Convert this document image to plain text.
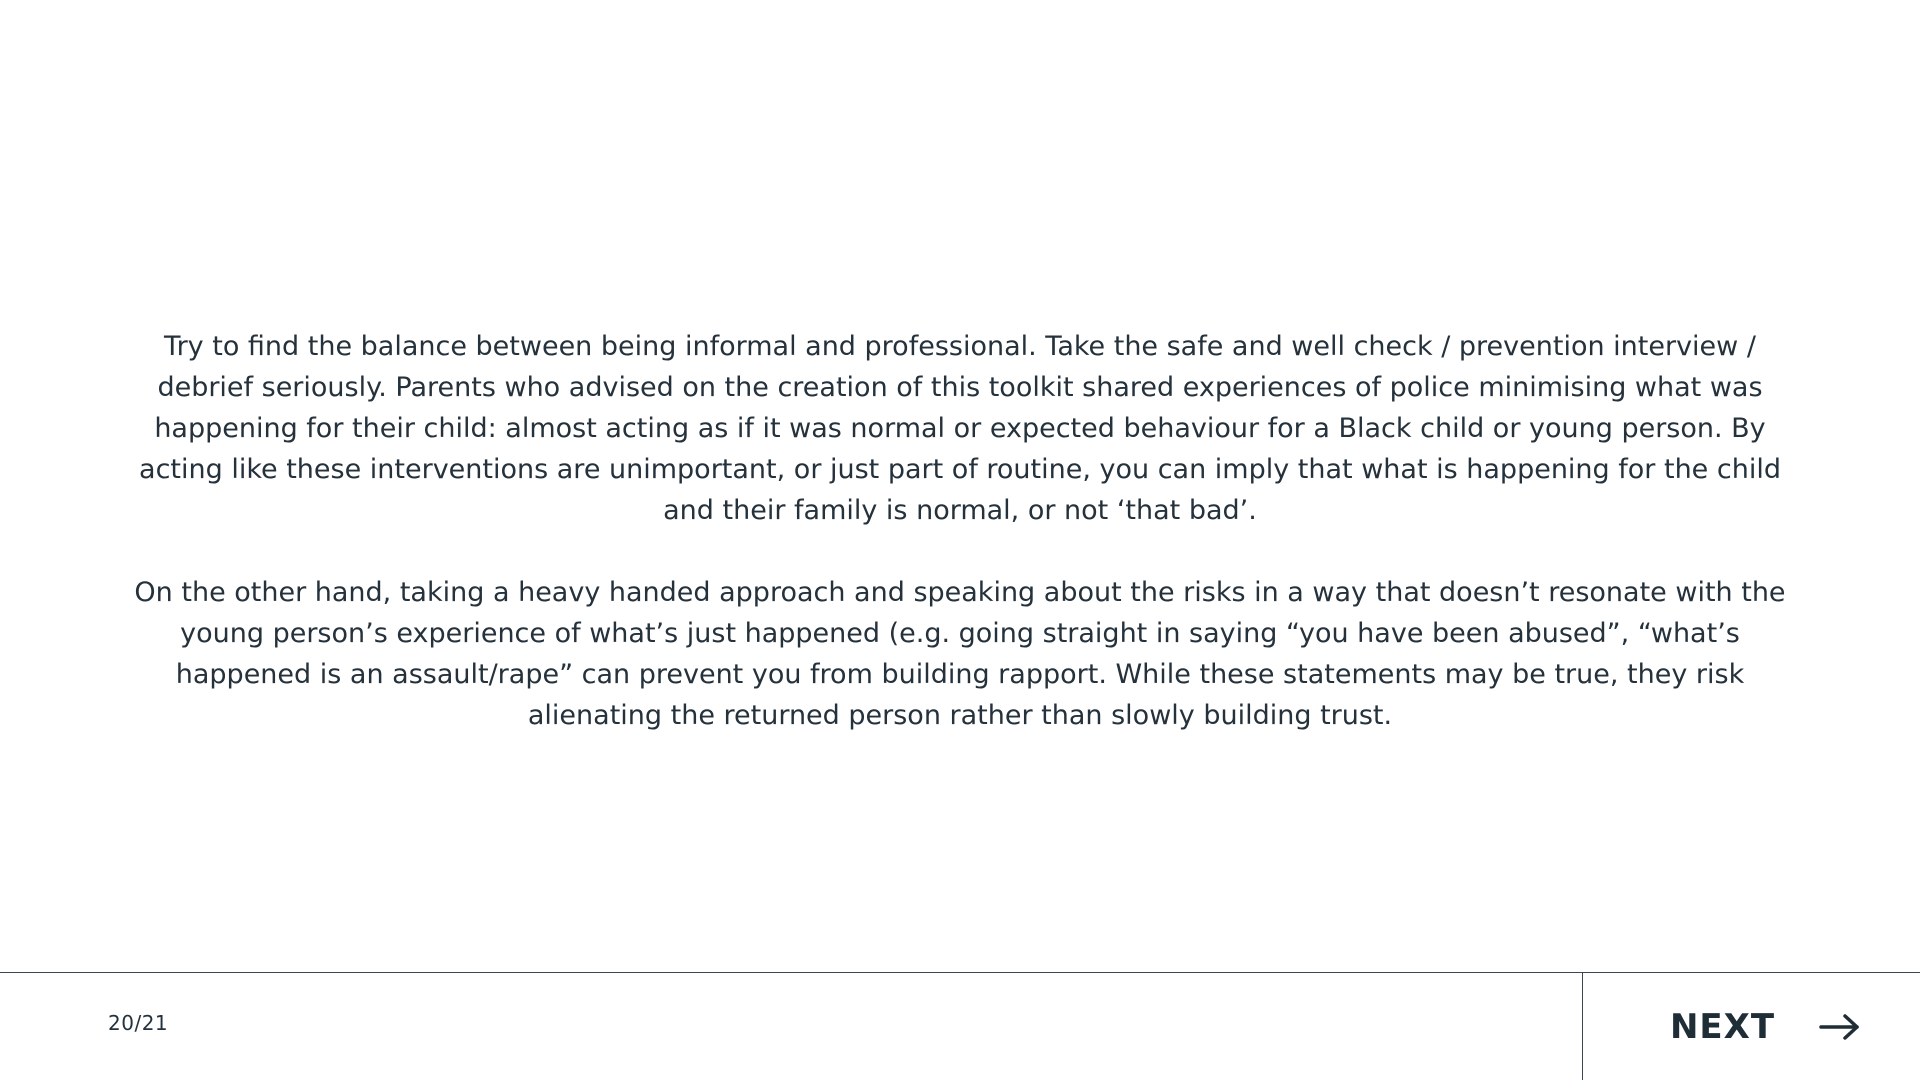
Try to find the balance between being informal and professional. Take the safe and well check / prevention interview / debrief seriously. Parents who advised on the creation of this toolkit shared experiences of police minimising what was happening for their child: almost acting as if it was normal or expected behaviour for a Black child or young person. By acting like these interventions are unimportant, or just part of routine, you can imply that what is happening for the child and their family is normal, or not ‘that bad’.

On the other hand, taking a heavy handed approach and speaking about the risks in a way that doesn’t resonate with the young person’s experience of what’s just happened (e.g. going straight in saying “you have been abused”, “what’s happened is an assault/rape” can prevent you from building rapport. While these statements may be true, they risk alienating the returned person rather than slowly building trust.

20/21	NEXT
